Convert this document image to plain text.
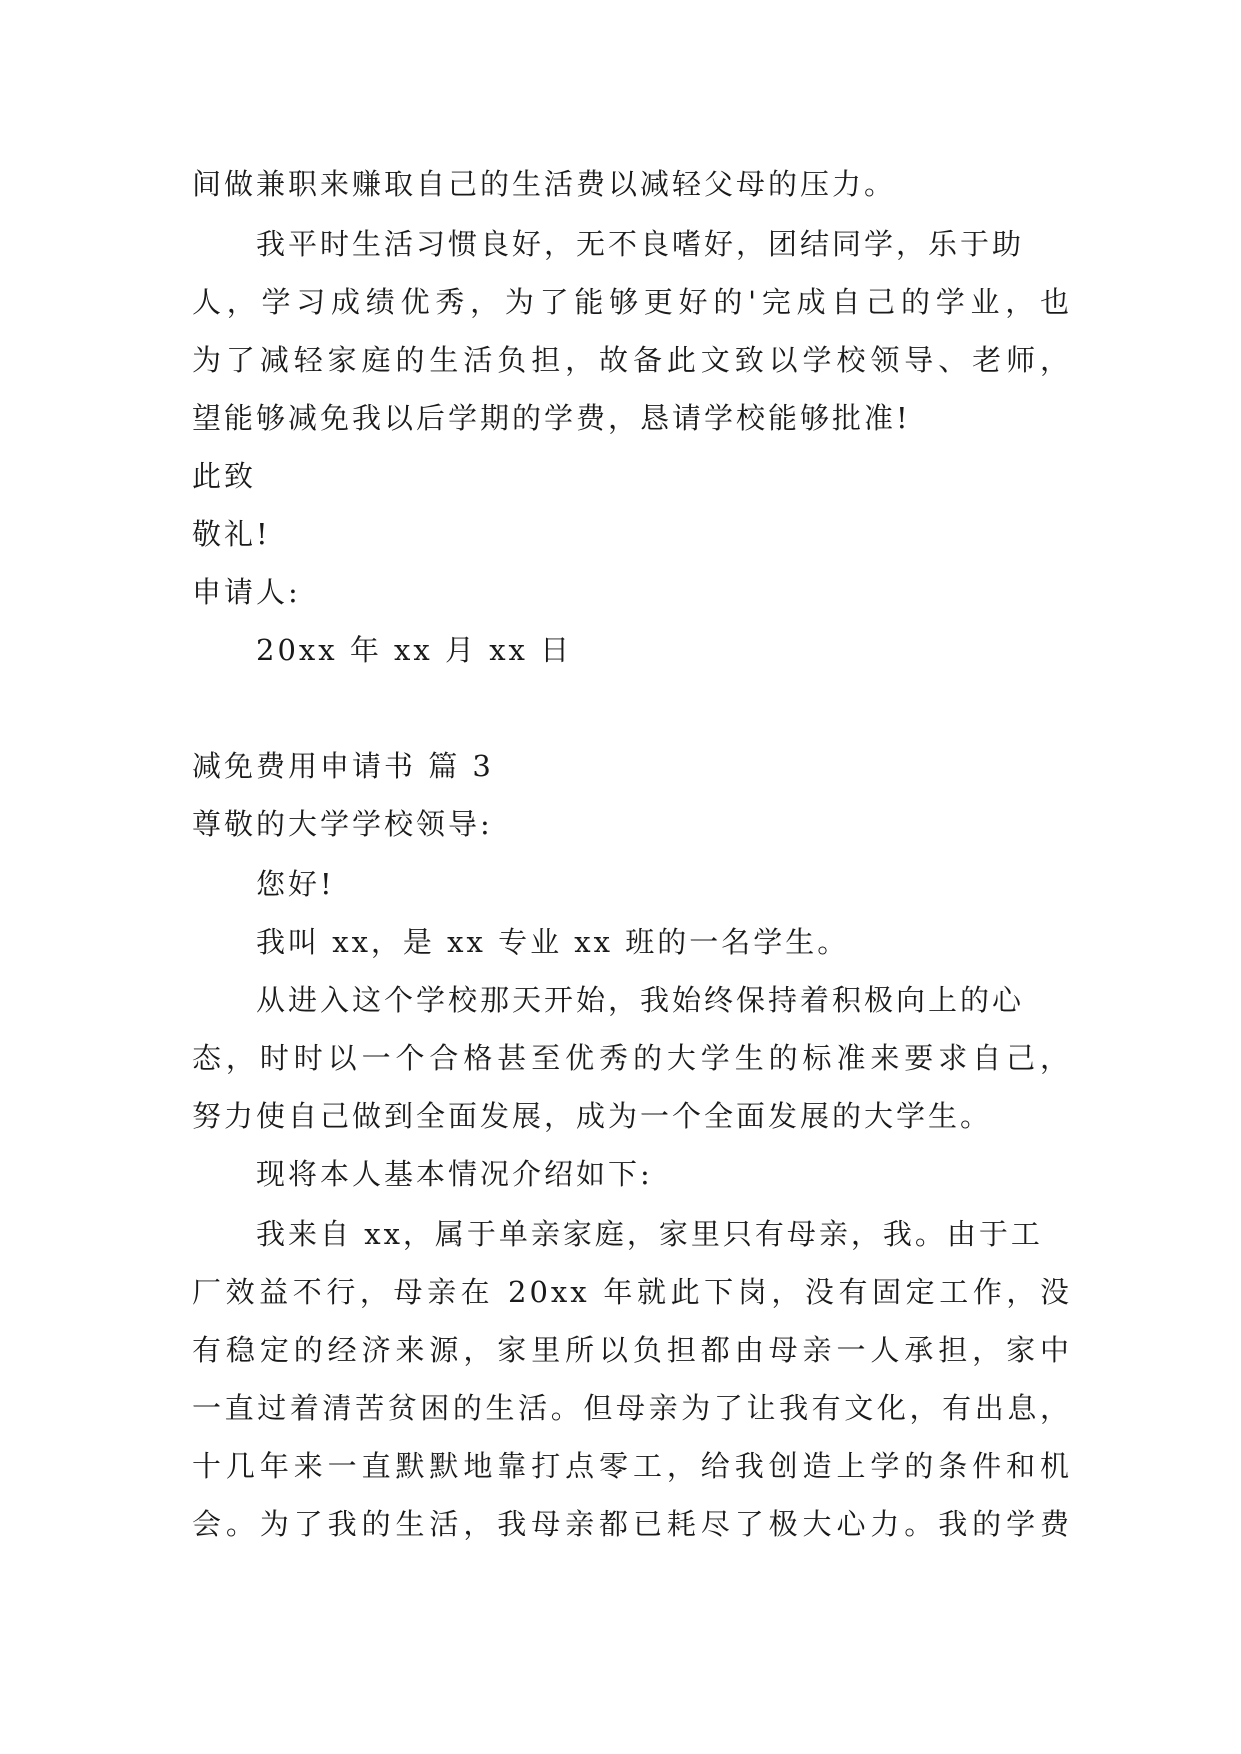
间做兼职来赚取自己的生活费以减轻父母的压力。
我平时生活习惯良好，无不良嗜好，团结同学，乐于助
人，学习成绩优秀，为了能够更好的'完成自己的学业，也
为了减轻家庭的生活负担，故备此文致以学校领导、老师，
望能够减免我以后学期的学费，恳请学校能够批准!
此致
敬礼!
申请人:
20xx 年 xx 月 xx 日
减免费用申请书 篇 3
尊敬的大学学校领导:
您好!
我叫 xx，是 xx 专业 xx 班的一名学生。
从进入这个学校那天开始，我始终保持着积极向上的心
态，时时以一个合格甚至优秀的大学生的标准来要求自己，
努力使自己做到全面发展，成为一个全面发展的大学生。
现将本人基本情况介绍如下:
我来自 xx，属于单亲家庭，家里只有母亲，我。由于工
厂效益不行，母亲在 20xx 年就此下岗，没有固定工作，没
有稳定的经济来源，家里所以负担都由母亲一人承担，家中
一直过着清苦贫困的生活。但母亲为了让我有文化，有出息，
十几年来一直默默地靠打点零工，给我创造上学的条件和机
会。为了我的生活，我母亲都已耗尽了极大心力。我的学费
